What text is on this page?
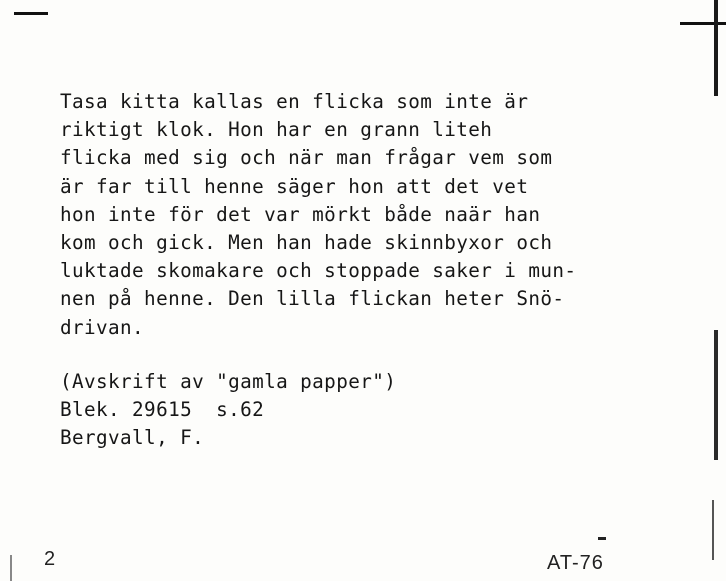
Tasa kitta kallas en flicka som inte är
riktigt klok. Hon har en grann liteh
flicka med sig och när man frågar vem som
är far till henne säger hon att det vet
hon inte för det var mörkt både naär han
kom och gick. Men han hade skinnbyxor och
luktade skomakare och stoppade saker i mun-
nen på henne. Den lilla flickan heter Snö-
drivan.
(Avskrift av "gamla papper")
Blek. 29615  s.62
Bergvall, F.
2	AT-76
